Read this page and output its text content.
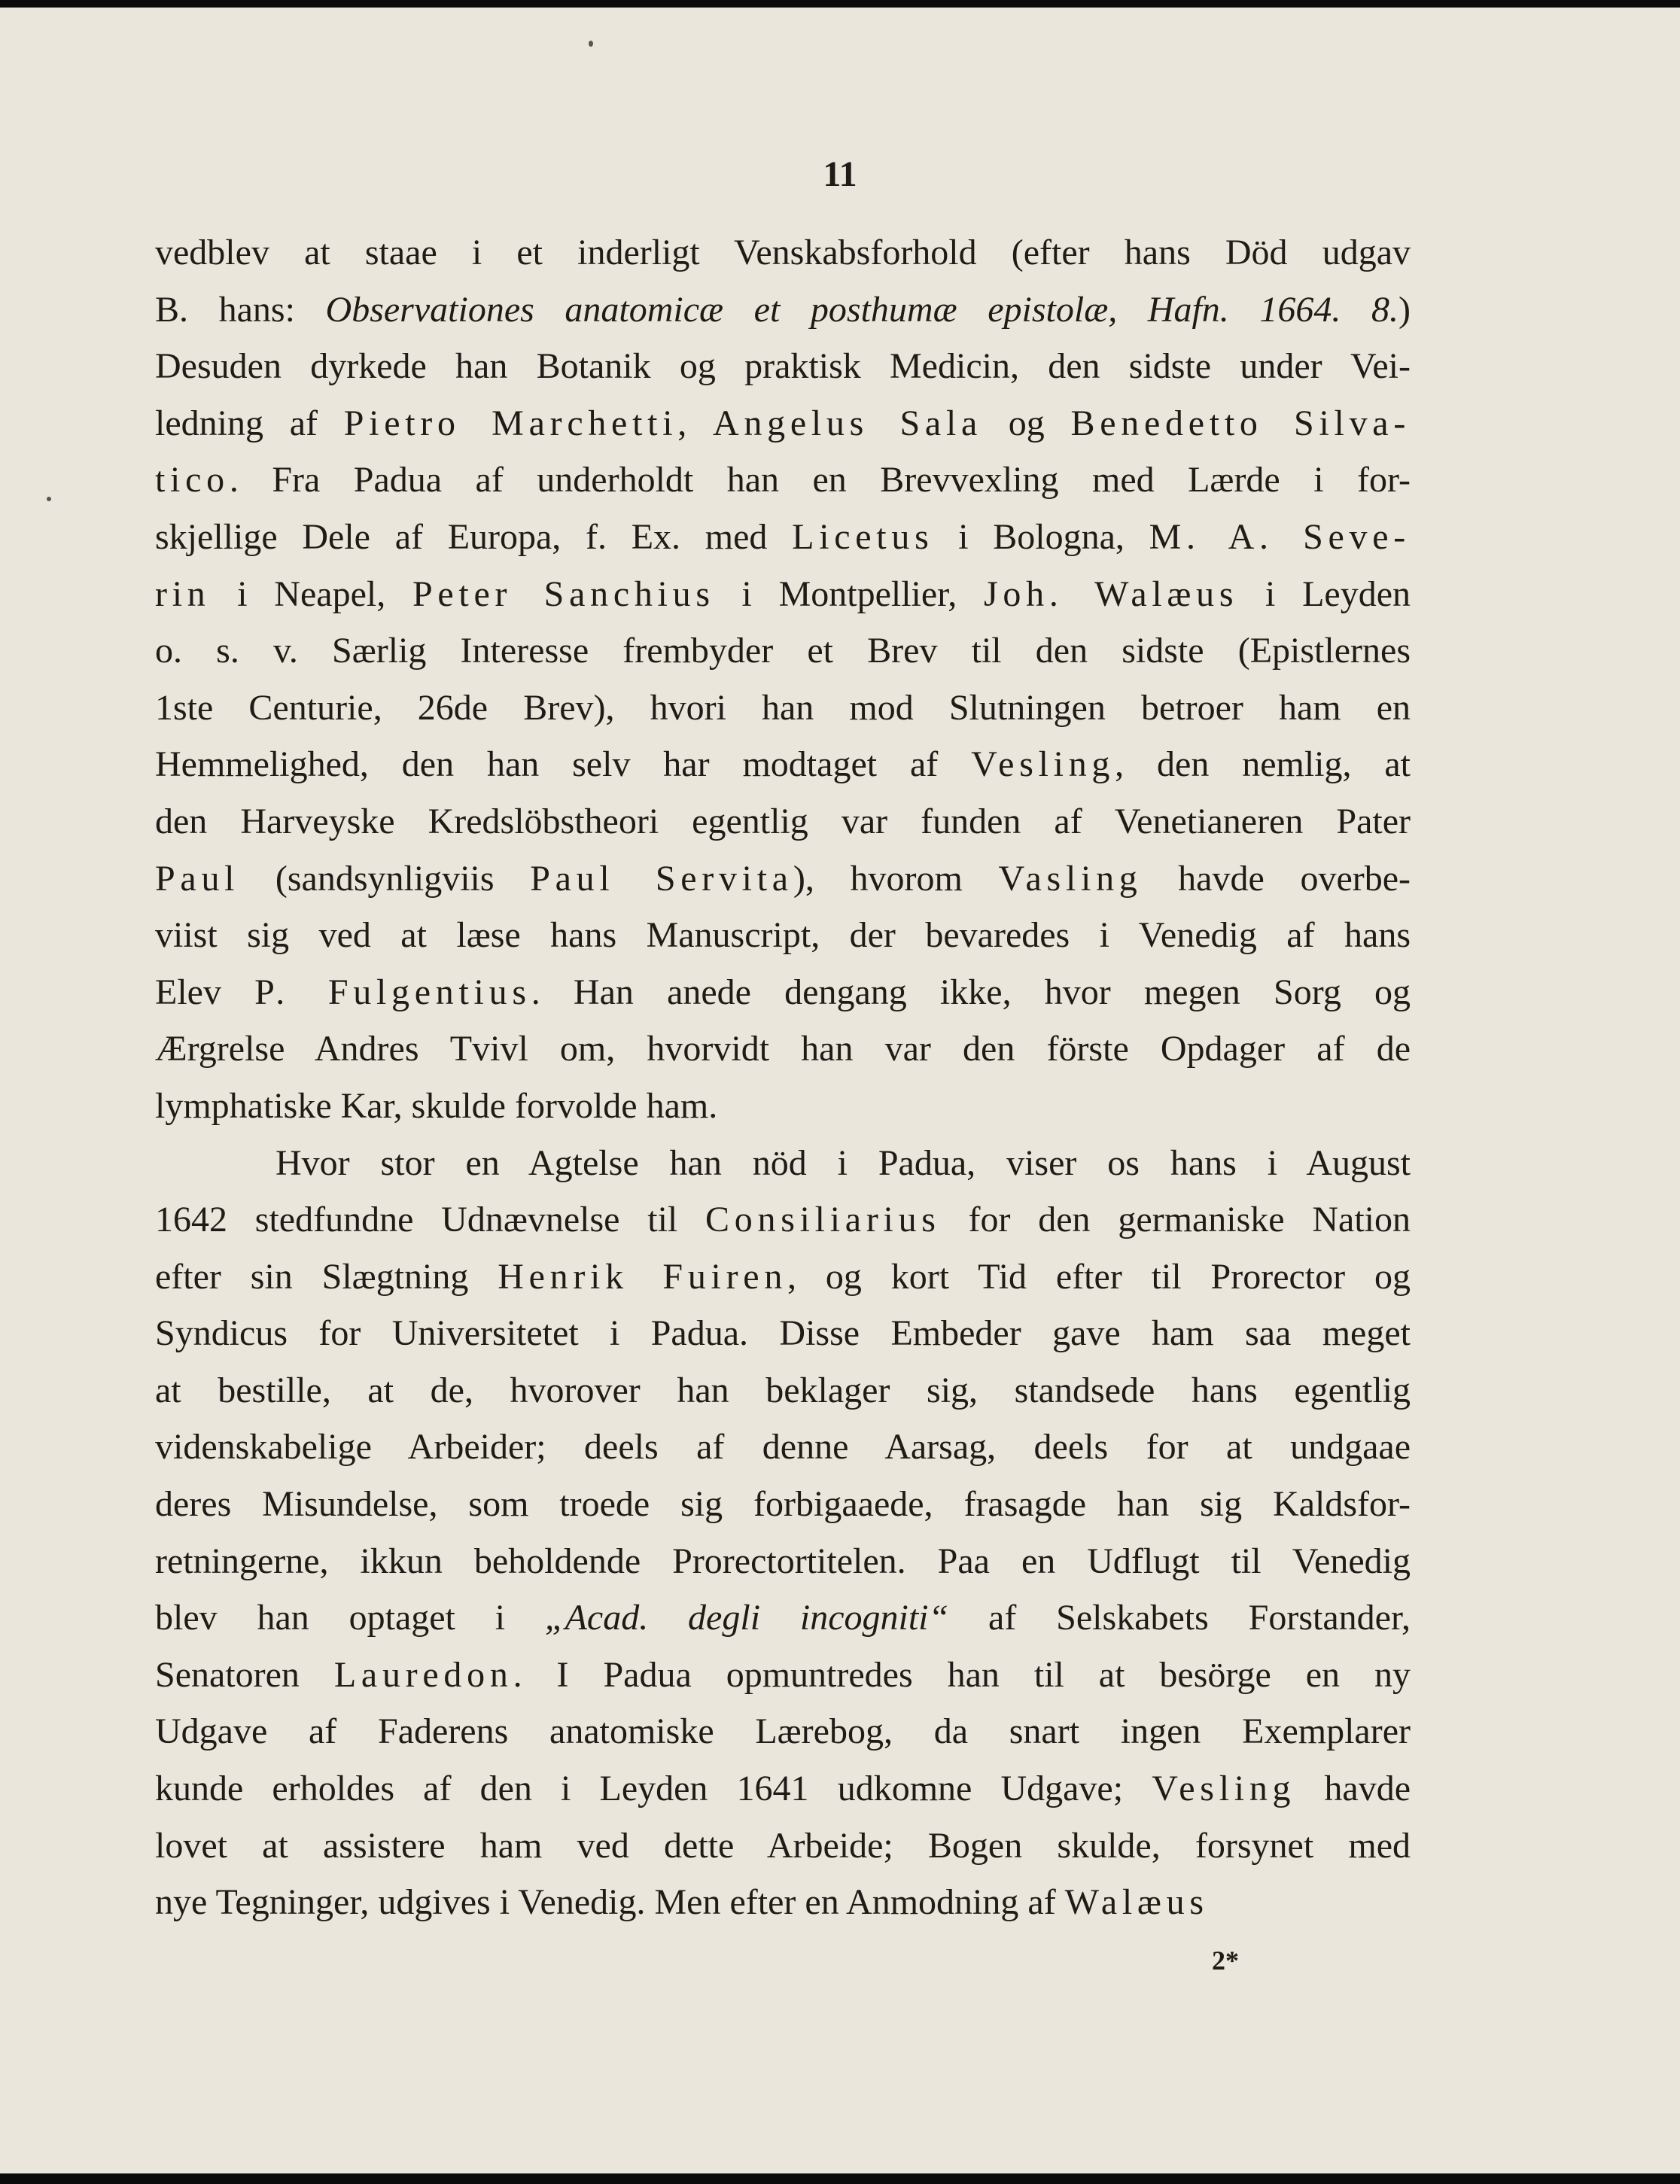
11
vedblev at staae i et inderligt Venskabsforhold (efter hans Död udgav
B. hans: Observationes anatomicæ et posthumæ epistolæ, Hafn. 1664. 8.)
Desuden dyrkede han Botanik og praktisk Medicin, den sidste under Vei-
ledning af Pietro Marchetti, Angelus Sala og Benedetto Silva-
tico. Fra Padua af underholdt han en Brevvexling med Lærde i for-
skjellige Dele af Europa, f. Ex. med Licetus i Bologna, M. A. Seve-
rin i Neapel, Peter Sanchius i Montpellier, Joh. Walæus i Leyden
o. s. v. Særlig Interesse frembyder et Brev til den sidste (Epistlernes
1ste Centurie, 26de Brev), hvori han mod Slutningen betroer ham en
Hemmelighed, den han selv har modtaget af Vesling, den nemlig, at
den Harveyske Kredslöbstheori egentlig var funden af Venetianeren Pater
Paul (sandsynligviis Paul Servita), hvorom Vasling havde overbe-
viist sig ved at læse hans Manuscript, der bevaredes i Venedig af hans
Elev P. Fulgentius. Han anede dengang ikke, hvor megen Sorg og
Ærgrelse Andres Tvivl om, hvorvidt han var den förste Opdager af de
lymphatiske Kar, skulde forvolde ham.
Hvor stor en Agtelse han nöd i Padua, viser os hans i August
1642 stedfundne Udnævnelse til Consiliarius for den germaniske Nation
efter sin Slægtning Henrik Fuiren, og kort Tid efter til Prorector og
Syndicus for Universitetet i Padua. Disse Embeder gave ham saa meget
at bestille, at de, hvorover han beklager sig, standsede hans egentlig
videnskabelige Arbeider; deels af denne Aarsag, deels for at undgaae
deres Misundelse, som troede sig forbigaaede, frasagde han sig Kaldsfor-
retningerne, ikkun beholdende Prorectortitelen. Paa en Udflugt til Venedig
blev han optaget i „Acad. degli incogniti“ af Selskabets Forstander,
Senatoren Lauredon. I Padua opmuntredes han til at besörge en ny
Udgave af Faderens anatomiske Lærebog, da snart ingen Exemplarer
kunde erholdes af den i Leyden 1641 udkomne Udgave; Vesling havde
lovet at assistere ham ved dette Arbeide; Bogen skulde, forsynet med
nye Tegninger, udgives i Venedig. Men efter en Anmodning af Walæus
2*
